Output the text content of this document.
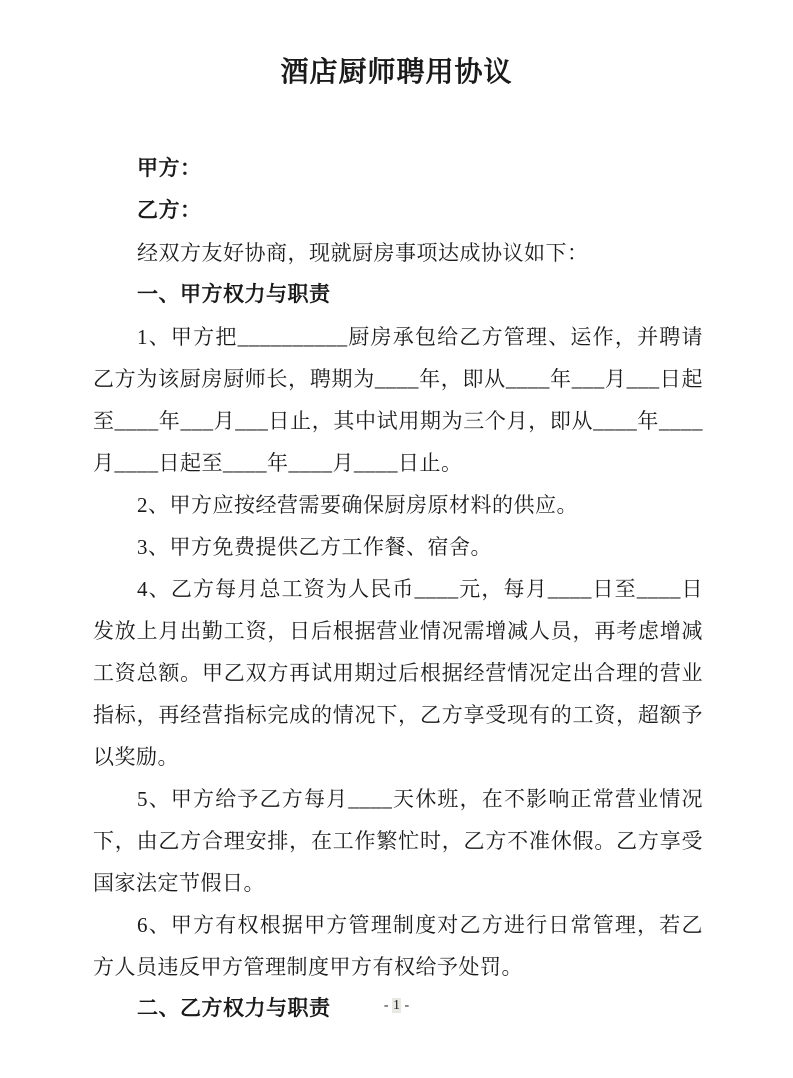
酒店厨师聘用协议

甲方：

乙方：

经双方友好协商，现就厨房事项达成协议如下：

一、甲方权力与职责

1、甲方把__________厨房承包给乙方管理、运作，并聘请乙方为该厨房厨师长，聘期为____年，即从____年___月___日起至____年___月___日止，其中试用期为三个月，即从____年____月____日起至____年____月____日止。

2、甲方应按经营需要确保厨房原材料的供应。

3、甲方免费提供乙方工作餐、宿舍。

4、乙方每月总工资为人民币____元，每月____日至____日发放上月出勤工资，日后根据营业情况需增减人员，再考虑增减工资总额。甲乙双方再试用期过后根据经营情况定出合理的营业指标，再经营指标完成的情况下，乙方享受现有的工资，超额予以奖励。

5、甲方给予乙方每月____天休班，在不影响正常营业情况下，由乙方合理安排，在工作繁忙时，乙方不准休假。乙方享受国家法定节假日。

6、甲方有权根据甲方管理制度对乙方进行日常管理，若乙方人员违反甲方管理制度甲方有权给予处罚。

二、乙方权力与职责	- 1 -
